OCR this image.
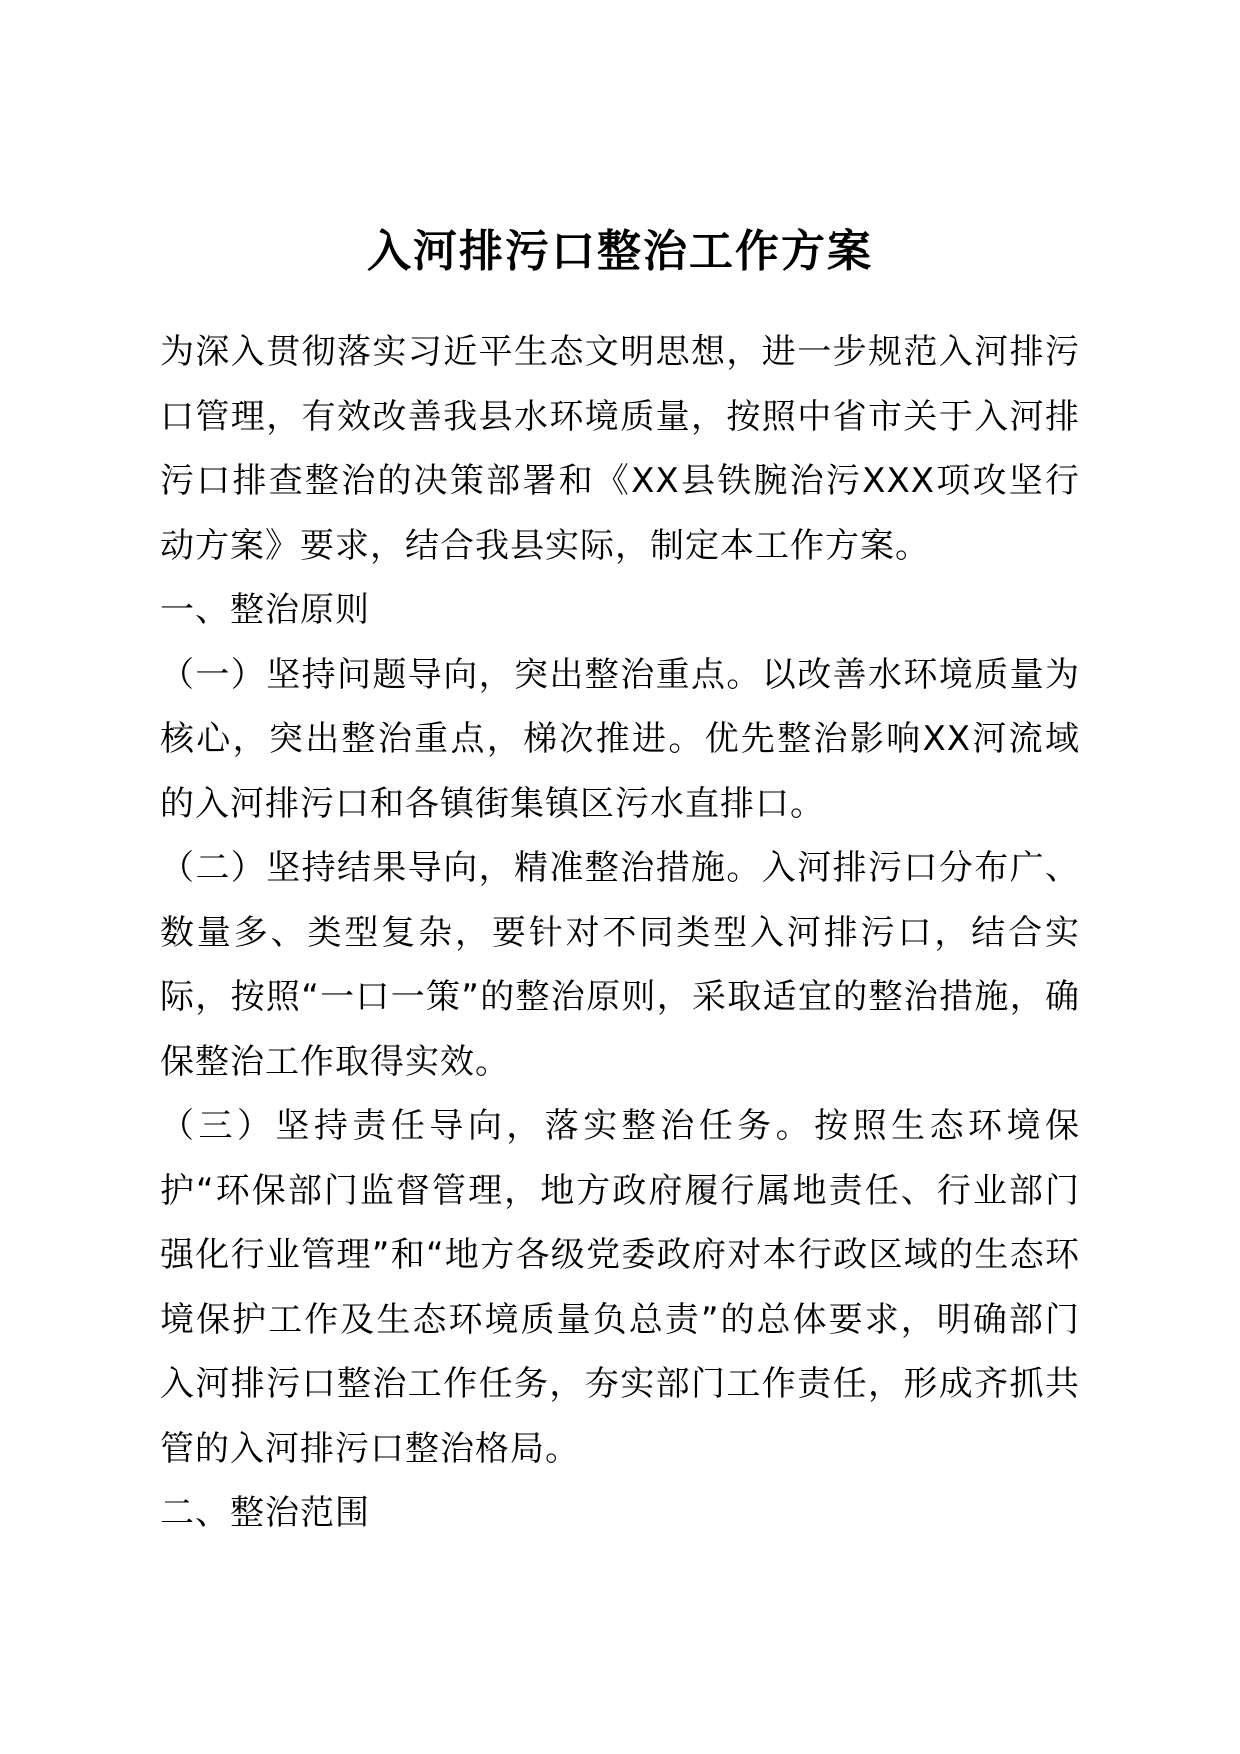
入河排污口整治工作方案

为深入贯彻落实习近平生态文明思想，进一步规范入河排污口管理，有效改善我县水环境质量，按照中省市关于入河排污口排查整治的决策部署和《XX县铁腕治污XXX项攻坚行动方案》要求，结合我县实际，制定本工作方案。

一、整治原则

（一）坚持问题导向，突出整治重点。以改善水环境质量为核心，突出整治重点，梯次推进。优先整治影响XX河流域的入河排污口和各镇街集镇区污水直排口。

（二）坚持结果导向，精准整治措施。入河排污口分布广、数量多、类型复杂，要针对不同类型入河排污口，结合实际，按照“一口一策”的整治原则，采取适宜的整治措施，确保整治工作取得实效。

（三）坚持责任导向，落实整治任务。按照生态环境保护“环保部门监督管理，地方政府履行属地责任、行业部门强化行业管理”和“地方各级党委政府对本行政区域的生态环境保护工作及生态环境质量负总责”的总体要求，明确部门入河排污口整治工作任务，夯实部门工作责任，形成齐抓共管的入河排污口整治格局。

二、整治范围
